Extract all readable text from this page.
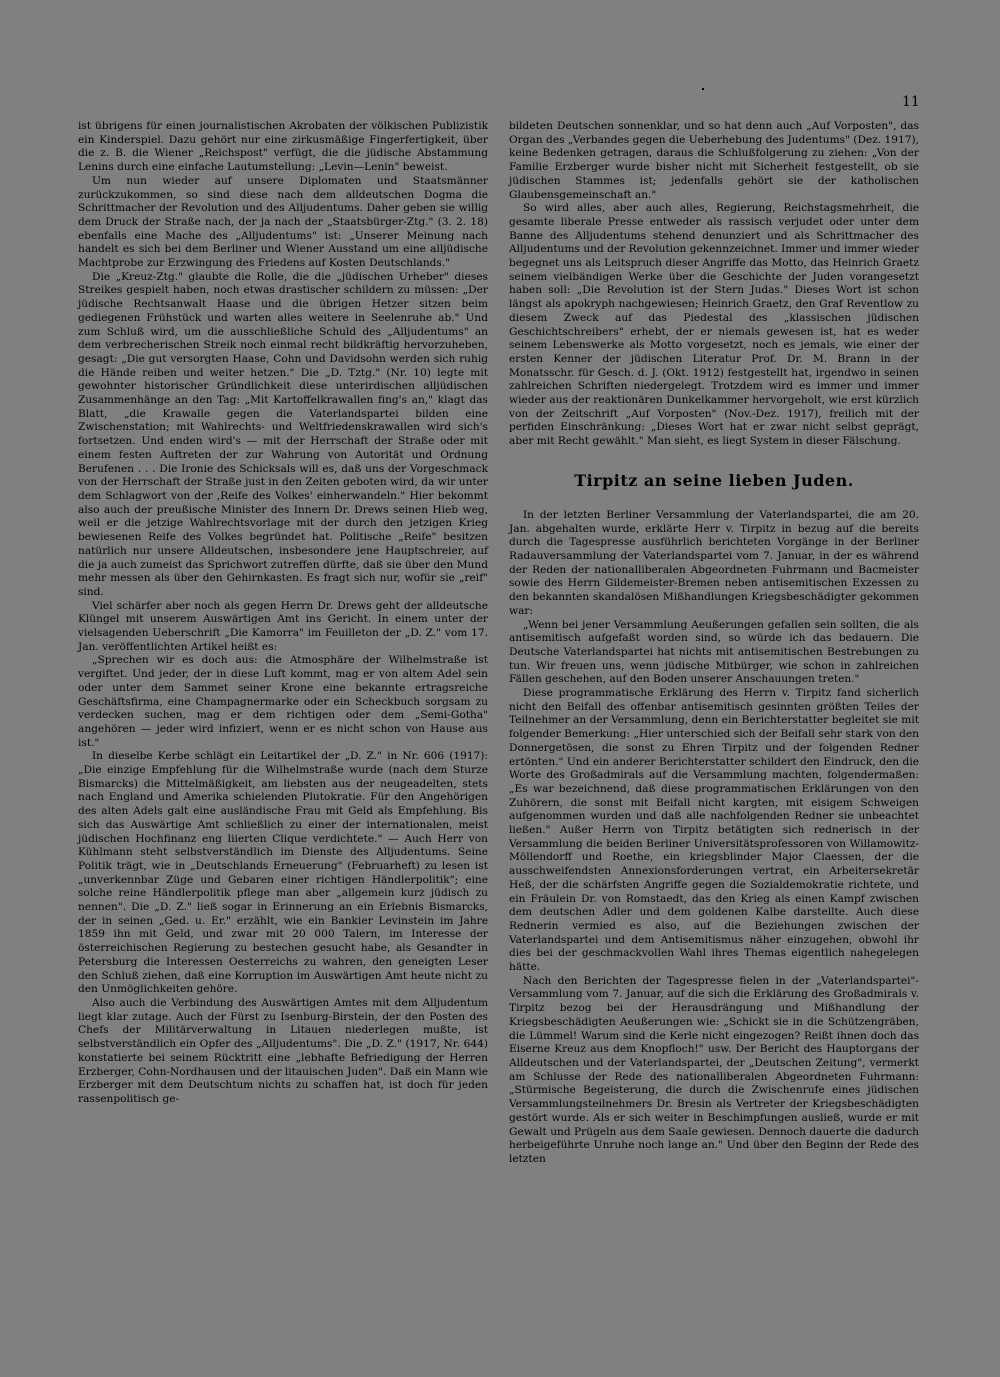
11

ist übrigens für einen journalistischen Akrobaten der völkischen Publizistik ein Kinderspiel. Dazu gehört nur eine zirkusmäßige Fingerfertigkeit, über die z. B. die Wiener „Reichspost" verfügt, die die jüdische Abstammung Lenins durch eine einfache Lautumstellung: „Levin—Lenin" beweist.

Um nun wieder auf unsere Diplomaten und Staatsmänner zurückzukommen, so sind diese nach dem alldeutschen Dogma die Schrittmacher der Revolution und des Alljudentums. Daher geben sie willig dem Druck der Straße nach, der ja nach der „Staatsbürger-Ztg." (3. 2. 18) ebenfalls eine Mache des „Alljudentums" ist: „Unserer Meinung nach handelt es sich bei dem Berliner und Wiener Ausstand um eine alljüdische Machtprobe zur Erzwingung des Friedens auf Kosten Deutschlands."

Die „Kreuz-Ztg." glaubte die Rolle, die die „jüdischen Urheber" dieses Streikes gespielt haben, noch etwas drastischer schildern zu müssen: „Der jüdische Rechtsanwalt Haase und die übrigen Hetzer sitzen beim gediegenen Frühstück und warten alles weitere in Seelenruhe ab." Und zum Schluß wird, um die ausschließliche Schuld des „Alljudentums" an dem verbrecherischen Streik noch einmal recht bildkräftig hervorzuheben, gesagt: „Die gut versorgten Haase, Cohn und Davidsohn werden sich ruhig die Hände reiben und weiter hetzen." Die „D. Tztg." (Nr. 10) legte mit gewohnter historischer Gründlichkeit diese unterirdischen alljüdischen Zusammenhänge an den Tag: „Mit Kartoffelkrawallen fing's an," klagt das Blatt, „die Krawalle gegen die Vaterlandspartei bilden eine Zwischenstation; mit Wahlrechts- und Weltfriedenskrawallen wird sich's fortsetzen. Und enden wird's — mit der Herrschaft der Straße oder mit einem festen Auftreten der zur Wahrung von Autorität und Ordnung Berufenen . . . Die Ironie des Schicksals will es, daß uns der Vorgeschmack von der Herrschaft der Straße just in den Zeiten geboten wird, da wir unter dem Schlagwort von der ‚Reife des Volkes' einherwandeln." Hier bekommt also auch der preußische Minister des Innern Dr. Drews seinen Hieb weg, weil er die jetzige Wahlrechtsvorlage mit der durch den jetzigen Krieg bewiesenen Reife des Volkes begründet hat. Politische „Reife" besitzen natürlich nur unsere Alldeutschen, insbesondere jene Hauptschreier, auf die ja auch zumeist das Sprichwort zutreffen dürfte, daß sie über den Mund mehr messen als über den Gehirnkasten. Es fragt sich nur, wofür sie „reif" sind.

Viel schärfer aber noch als gegen Herrn Dr. Drews geht der alldeutsche Klüngel mit unserem Auswärtigen Amt ins Gericht. In einem unter der vielsagenden Ueberschrift „Die Kamorra" im Feuilleton der „D. Z." vom 17. Jan. veröffentlichten Artikel heißt es:

„Sprechen wir es doch aus: die Atmosphäre der Wilhelmstraße ist vergiftet. Und jeder, der in diese Luft kommt, mag er von altem Adel sein oder unter dem Sammet seiner Krone eine bekannte ertragsreiche Geschäftsfirma, eine Champagnermarke oder ein Scheckbuch sorgsam zu verdecken suchen, mag er dem richtigen oder dem „Semi-Gotha" angehören — jeder wird infiziert, wenn er es nicht schon von Hause aus ist."

In dieselbe Kerbe schlägt ein Leitartikel der „D. Z." in Nr. 606 (1917): „Die einzige Empfehlung für die Wilhelmstraße wurde (nach dem Sturze Bismarcks) die Mittelmäßigkeit, am liebsten aus der neugeadelten, stets nach England und Amerika schielenden Plutokratie. Für den Angehörigen des alten Adels galt eine ausländische Frau mit Geld als Empfehlung. Bis sich das Auswärtige Amt schließlich zu einer der internationalen, meist jüdischen Hochfinanz eng liierten Clique verdichtete." — Auch Herr von Kühlmann steht selbstverständlich im Dienste des Alljudentums. Seine Politik trägt, wie in „Deutschlands Erneuerung" (Februarheft) zu lesen ist „unverkennbar Züge und Gebaren einer richtigen Händlerpolitik"; eine solche reine Händlerpolitik pflege man aber „allgemein kurz jüdisch zu nennen". Die „D. Z." ließ sogar in Erinnerung an ein Erlebnis Bismarcks, der in seinen „Ged. u. Er." erzählt, wie ein Bankier Levinstein im Jahre 1859 ihn mit Geld, und zwar mit 20 000 Talern, im Interesse der österreichischen Regierung zu bestechen gesucht habe, als Gesandter in Petersburg die Interessen Oesterreichs zu wahren, den geneigten Leser den Schluß ziehen, daß eine Korruption im Auswärtigen Amt heute nicht zu den Unmöglichkeiten gehöre.

Also auch die Verbindung des Auswärtigen Amtes mit dem Alljudentum liegt klar zutage. Auch der Fürst zu Isenburg-Birstein, der den Posten des Chefs der Militärverwaltung in Litauen niederlegen mußte, ist selbstverständlich ein Opfer des „Alljudentums". Die „D. Z." (1917, Nr. 644) konstatierte bei seinem Rücktritt eine „lebhafte Befriedigung der Herren Erzberger, Cohn-Nordhausen und der litauischen Juden". Daß ein Mann wie Erzberger mit dem Deutschtum nichts zu schaffen hat, ist doch für jeden rassenpolitisch ge-

bildeten Deutschen sonnenklar, und so hat denn auch „Auf Vorposten", das Organ des „Verbandes gegen die Ueberhebung des Judentums" (Dez. 1917), keine Bedenken getragen, daraus die Schlußfolgerung zu ziehen: „Von der Familie Erzberger wurde bisher nicht mit Sicherheit festgestellt, ob sie jüdischen Stammes ist; jedenfalls gehört sie der katholischen Glaubensgemeinschaft an."

So wird alles, aber auch alles, Regierung, Reichstagsmehrheit, die gesamte liberale Presse entweder als rassisch verjudet oder unter dem Banne des Alljudentums stehend denunziert und als Schrittmacher des Alljudentums und der Revolution gekennzeichnet. Immer und immer wieder begegnet uns als Leitspruch dieser Angriffe das Motto, das Heinrich Graetz seinem vielbändigen Werke über die Geschichte der Juden vorangesetzt haben soll: „Die Revolution ist der Stern Judas." Dieses Wort ist schon längst als apokryph nachgewiesen; Heinrich Graetz, den Graf Reventlow zu diesem Zweck auf das Piedestal des „klassischen jüdischen Geschichtschreibers" erhebt, der er niemals gewesen ist, hat es weder seinem Lebenswerke als Motto vorgesetzt, noch es jemals, wie einer der ersten Kenner der jüdischen Literatur Prof. Dr. M. Brann in der Monatsschr. für Gesch. d. J. (Okt. 1912) festgestellt hat, irgendwo in seinen zahlreichen Schriften niedergelegt. Trotzdem wird es immer und immer wieder aus der reaktionären Dunkelkammer hervorgeholt, wie erst kürzlich von der Zeitschrift „Auf Vorposten" (Nov.-Dez. 1917), freilich mit der perfiden Einschränkung: „Dieses Wort hat er zwar nicht selbst geprägt, aber mit Recht gewählt." Man sieht, es liegt System in dieser Fälschung.

Tirpitz an seine lieben Juden.

In der letzten Berliner Versammlung der Vaterlandspartei, die am 20. Jan. abgehalten wurde, erklärte Herr v. Tirpitz in bezug auf die bereits durch die Tagespresse ausführlich berichteten Vorgänge in der Berliner Radauversammlung der Vaterlandspartei vom 7. Januar, in der es während der Reden der nationalliberalen Abgeordneten Fuhrmann und Bacmeister sowie des Herrn Gildemeister-Bremen neben antisemitischen Exzessen zu den bekannten skandalösen Mißhandlungen Kriegsbeschädigter gekommen war:

„Wenn bei jener Versammlung Aeußerungen gefallen sein sollten, die als antisemitisch aufgefaßt worden sind, so würde ich das bedauern. Die Deutsche Vaterlandspartei hat nichts mit antisemitischen Bestrebungen zu tun. Wir freuen uns, wenn jüdische Mitbürger, wie schon in zahlreichen Fällen geschehen, auf den Boden unserer Anschauungen treten."

Diese programmatische Erklärung des Herrn v. Tirpitz fand sicherlich nicht den Beifall des offenbar antisemitisch gesinnten größten Teiles der Teilnehmer an der Versammlung, denn ein Berichterstatter begleitet sie mit folgender Bemerkung: „Hier unterschied sich der Beifall sehr stark von den Donnergetösen, die sonst zu Ehren Tirpitz und der folgenden Redner ertönten." Und ein anderer Berichterstatter schildert den Eindruck, den die Worte des Großadmirals auf die Versammlung machten, folgendermaßen: „Es war bezeichnend, daß diese programmatischen Erklärungen von den Zuhörern, die sonst mit Beifall nicht kargten, mit eisigem Schweigen aufgenommen wurden und daß alle nachfolgenden Redner sie unbeachtet ließen." Außer Herrn von Tirpitz betätigten sich rednerisch in der Versammlung die beiden Berliner Universitätsprofessoren von Willamowitz-Möllendorff und Roethe, ein kriegsblinder Major Claessen, der die ausschweifendsten Annexionsforderungen vertrat, ein Arbeitersekretär Heß, der die schärfsten Angriffe gegen die Sozialdemokratie richtete, und ein Fräulein Dr. von Romstaedt, das den Krieg als einen Kampf zwischen dem deutschen Adler und dem goldenen Kalbe darstellte. Auch diese Rednerin vermied es also, auf die Beziehungen zwischen der Vaterlandspartei und dem Antisemitismus näher einzugehen, obwohl ihr dies bei der geschmackvollen Wahl ihres Themas eigentlich nahegelegen hätte.

Nach den Berichten der Tagespresse fielen in der „Vaterlandspartei"-Versammlung vom 7. Januar, auf die sich die Erklärung des Großadmirals v. Tirpitz bezog bei der Herausdrängung und Mißhandlung der Kriegsbeschädigten Aeußerungen wie: „Schickt sie in die Schützengräben, die Lümmel! Warum sind die Kerle nicht eingezogen? Reißt ihnen doch das Eiserne Kreuz aus dem Knopfloch!" usw. Der Bericht des Hauptorgans der Alldeutschen und der Vaterlandspartei, der „Deutschen Zeitung", vermerkt am Schlusse der Rede des nationalliberalen Abgeordneten Fuhrmann: „Stürmische Begeisterung, die durch die Zwischenrufe eines jüdischen Versammlungsteilnehmers Dr. Bresin als Vertreter der Kriegsbeschädigten gestört wurde. Als er sich weiter in Beschimpfungen ausließ, wurde er mit Gewalt und Prügeln aus dem Saale gewiesen. Dennoch dauerte die dadurch herbeigeführte Unruhe noch lange an." Und über den Beginn der Rede des letzten
